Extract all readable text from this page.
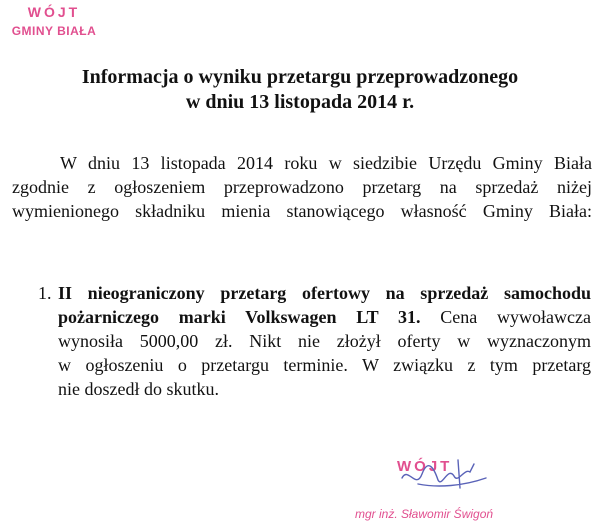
WÓJT
GMINY BIAŁA
Informacja o wyniku przetargu przeprowadzonego
w dniu 13 listopada 2014 r.
W dniu 13 listopada 2014 roku w siedzibie Urzędu Gminy Biała
zgodnie z ogłoszeniem przeprowadzono przetarg na sprzedaż niżej
wymienionego składniku mienia stanowiącego własność Gminy Biała:
1. II nieograniczony przetarg ofertowy na sprzedaż samochodu
pożarniczego marki Volkswagen LT 31. Cena wywoławcza
wynosiła 5000,00 zł. Nikt nie złożył oferty w wyznaczonym
w ogłoszeniu o przetargu terminie. W związku z tym przetarg
nie doszedł do skutku.
WÓJT
mgr inż. Sławomir Świgoń
